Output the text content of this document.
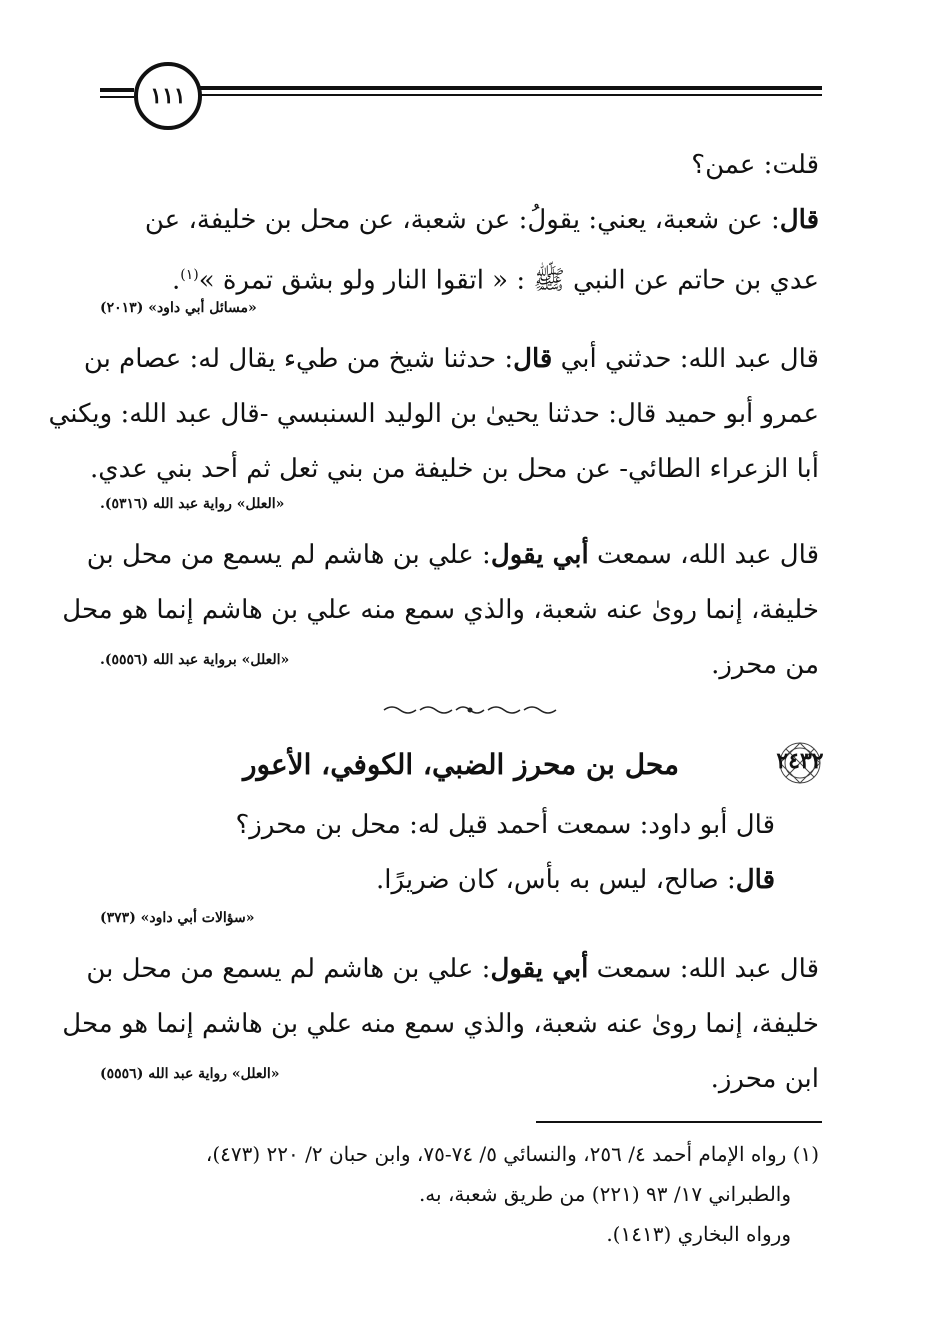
١١١
قلت: عمن؟
قال: عن شعبة، يعني: يقولُ: عن شعبة، عن محل بن خليفة، عن
عدي بن حاتم عن النبي ﷺ : « اتقوا النار ولو بشق تمرة »$^{(١)}$.
«مسائل أبي داود» (٢٠١٣)
قال عبد الله: حدثني أبي قال: حدثنا شيخ من طيء يقال له: عصام بن
عمرو أبو حميد قال: حدثنا يحيىٰ بن الوليد السنبسي -قال عبد الله: ويكني
أبا الزعراء الطائي- عن محل بن خليفة من بني ثعل ثم أحد بني عدي.
«العلل» رواية عبد الله (٥٣١٦).
قال عبد الله، سمعت أبي يقول: علي بن هاشم لم يسمع من محل بن
خليفة، إنما روىٰ عنه شعبة، والذي سمع منه علي بن هاشم إنما هو محل
من محرز.
«العلل» برواية عبد الله (٥٥٥٦).
محل بن محرز الضبي، الكوفي، الأعور	٢٤٣٢
قال أبو داود: سمعت أحمد قيل له: محل بن محرز؟
قال: صالح، ليس به بأس، كان ضريرًا.
«سؤالات أبي داود» (٣٧٣)
قال عبد الله: سمعت أبي يقول: علي بن هاشم لم يسمع من محل بن
خليفة، إنما روىٰ عنه شعبة، والذي سمع منه علي بن هاشم إنما هو محل
ابن محرز.
«العلل» رواية عبد الله (٥٥٥٦)
(١) رواه الإمام أحمد ٤/ ٢٥٦، والنسائي ٥/ ٧٤-٧٥، وابن حبان ٢/ ٢٢٠ (٤٧٣)،
والطبراني ١٧/ ٩٣ (٢٢١) من طريق شعبة، به.
ورواه البخاري (١٤١٣).
